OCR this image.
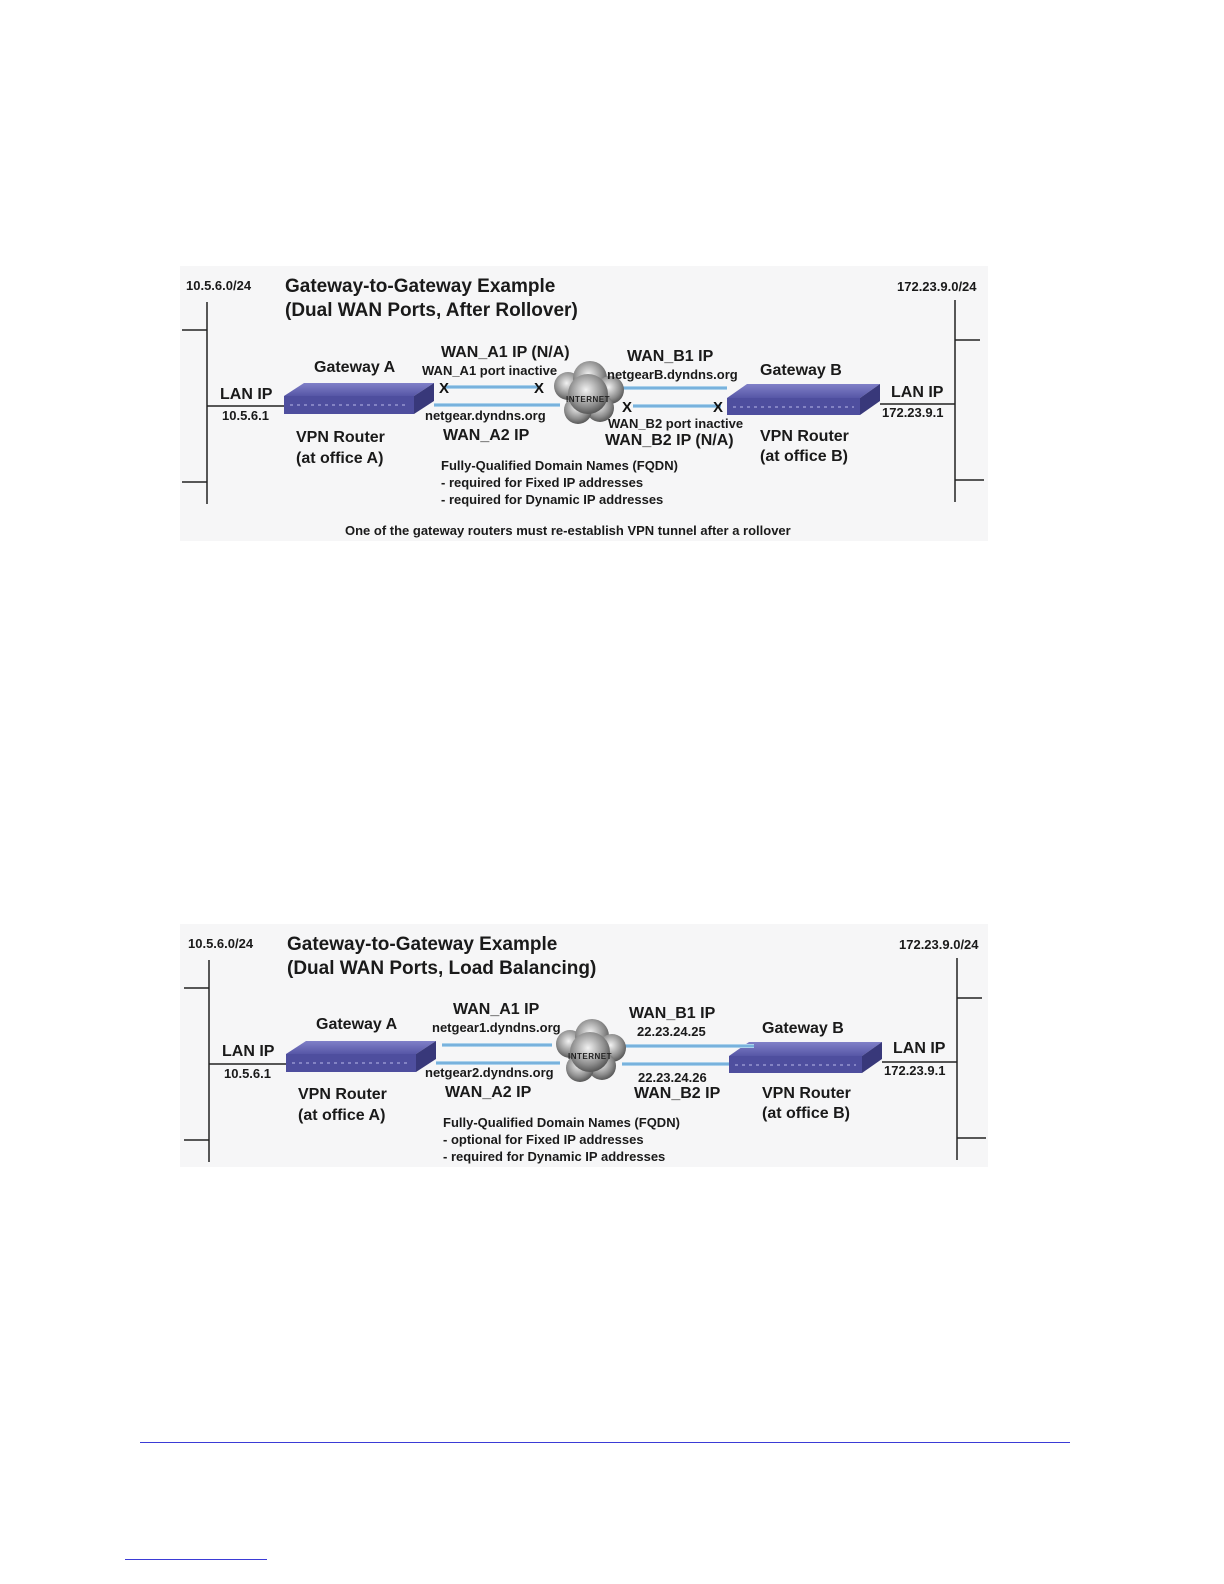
10.5.6.0/24	172.23.9.0/24
Gateway-to-Gateway Example
(Dual WAN Ports, After Rollover)
LAN IP
10.5.6.1
LAN IP
172.23.9.1
Gateway A	Gateway B
VPN Router
(at office A)
VPN Router
(at office B)
WAN_A1 IP (N/A)
WAN_A1 port inactive
X	X
netgear.dyndns.org
WAN_A2 IP
WAN_B1 IP
netgearB.dyndns.org
X	X
WAN_B2 port inactive
WAN_B2 IP (N/A)
INTERNET
Fully-Qualified Domain Names (FQDN)
- required for Fixed IP addresses
- required for Dynamic IP addresses
One of the gateway routers must re-establish VPN tunnel after a rollover
10.5.6.0/24	172.23.9.0/24
Gateway-to-Gateway Example
(Dual WAN Ports, Load Balancing)
LAN IP
10.5.6.1
LAN IP
172.23.9.1
Gateway A	Gateway B
VPN Router
(at office A)
VPN Router
(at office B)
WAN_A1 IP
netgear1.dyndns.org
netgear2.dyndns.org
WAN_A2 IP
WAN_B1 IP
22.23.24.25
22.23.24.26
WAN_B2 IP
INTERNET
Fully-Qualified Domain Names (FQDN)
- optional for Fixed IP addresses
- required for Dynamic IP addresses
